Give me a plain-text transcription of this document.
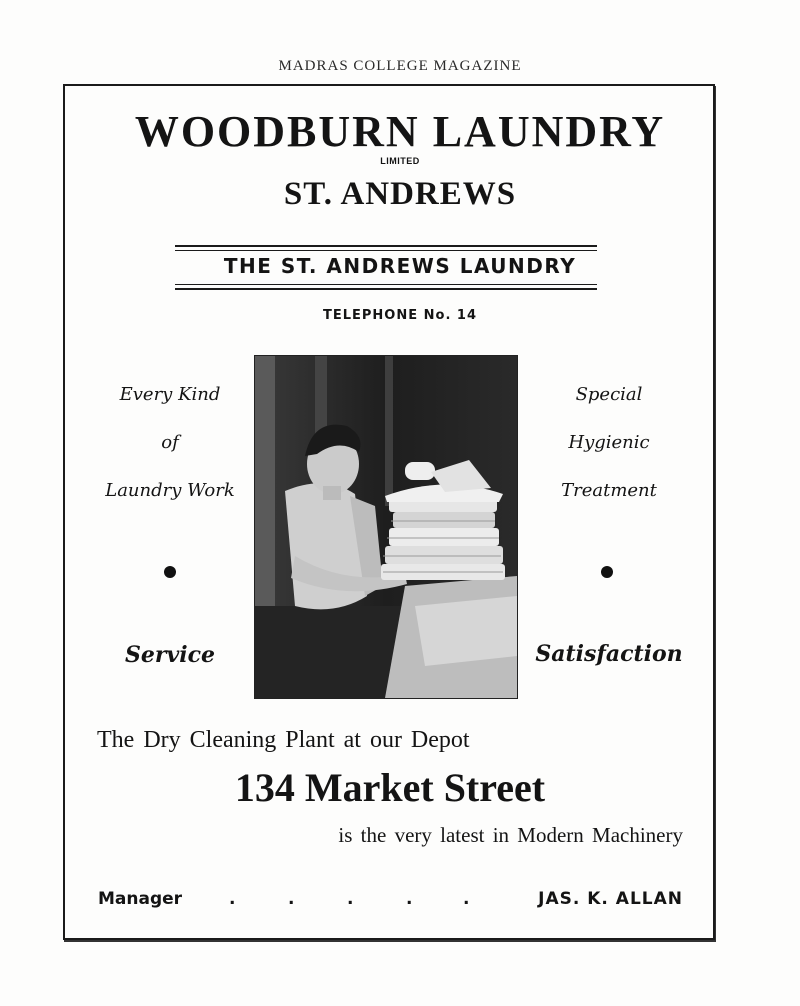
MADRAS COLLEGE MAGAZINE
WOODBURN LAUNDRY
LIMITED
ST. ANDREWS
THE ST. ANDREWS LAUNDRY
TELEPHONE No. 14
Every Kind
of
Laundry Work
Service
Special
Hygienic
Treatment
Satisfaction
The Dry Cleaning Plant at our Depot
134 Market Street
is the very latest in Modern Machinery
Manager	.	.	.	.	.	JAS. K. ALLAN
